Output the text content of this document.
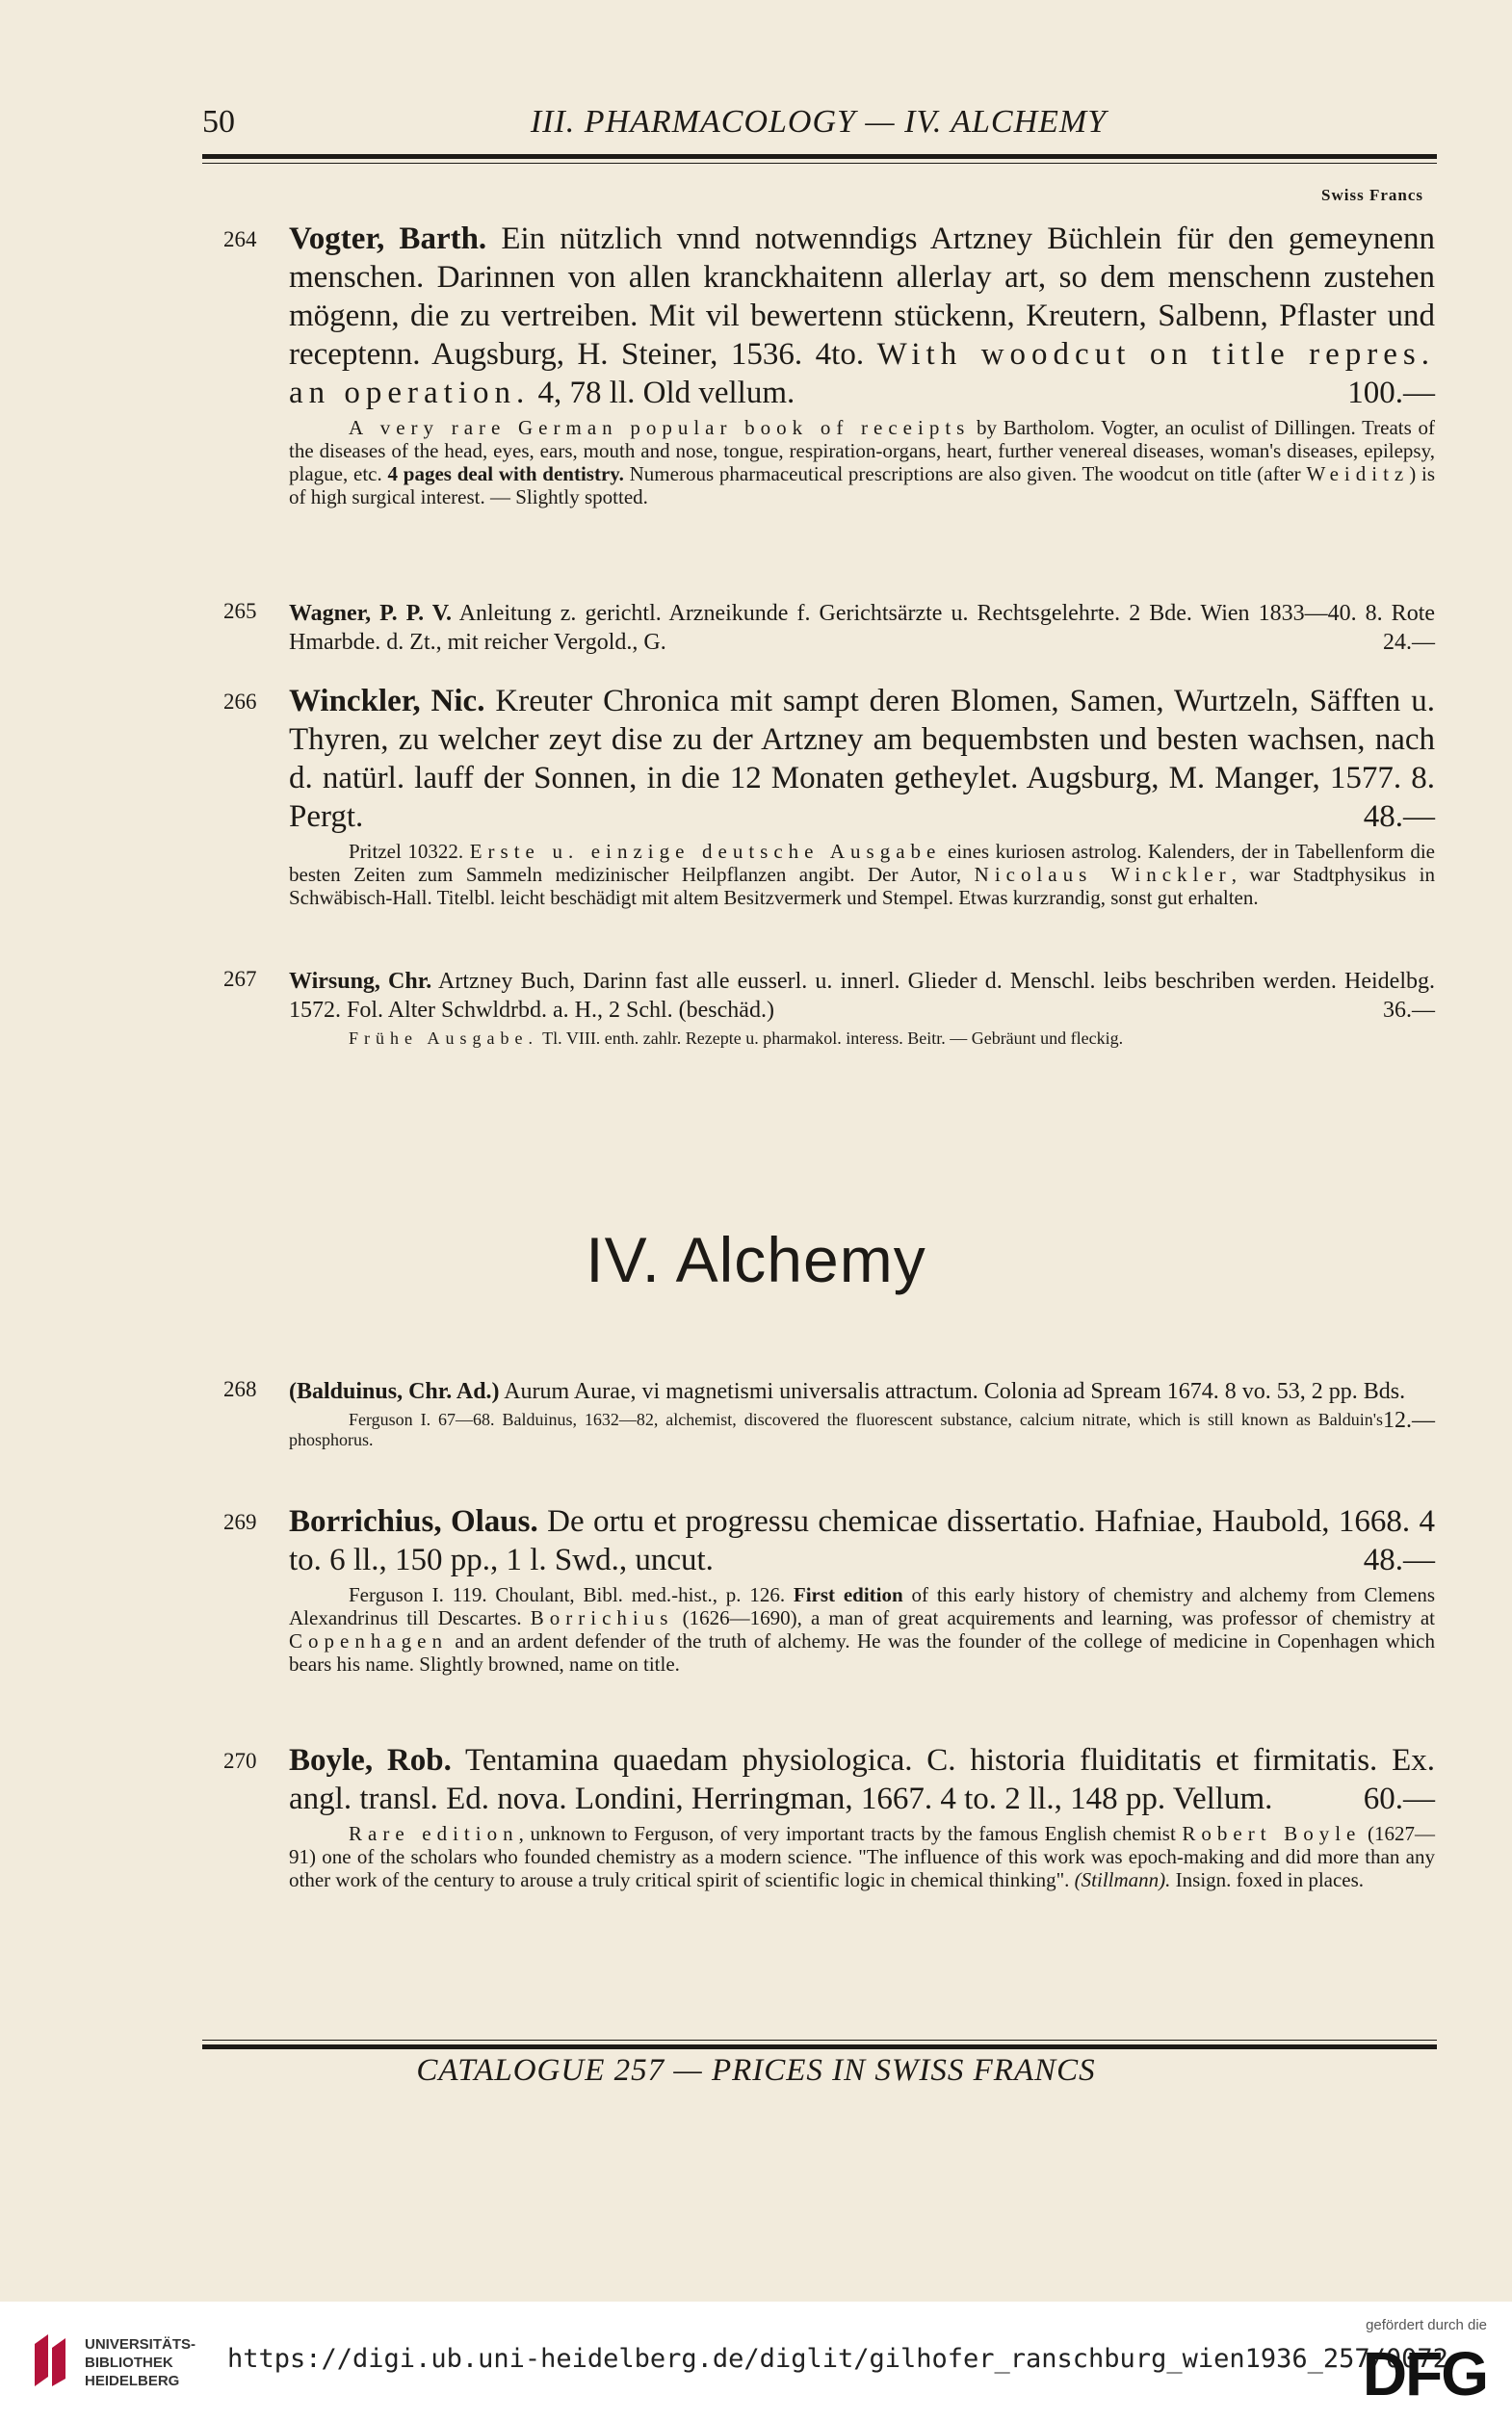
50	III. PHARMACOLOGY — IV. ALCHEMY
Swiss Francs
264 Vogter, Barth. Ein nützlich vnnd notwenndigs Artzney Büchlein für den gemeynenn menschen. Darinnen von allen kranckhaitenn allerlay art, so dem menschenn zustehen mögenn, die zu vertreiben. Mit vil bewertenn stückenn, Kreutern, Salbenn, Pflaster und receptenn. Augsburg, H. Steiner, 1536. 4to. With woodcut on title repres. an operation. 4, 78 ll. Old vellum.	100.—
A very rare German popular book of receipts by Bartholom. Vogter, an oculist of Dillingen. Treats of the diseases of the head, eyes, ears, mouth and nose, tongue, respiration-organs, heart, further venereal diseases, woman's diseases, epilepsy, plague, etc. 4 pages deal with dentistry. Numerous pharmaceutical prescriptions are also given. The woodcut on title (after Weiditz) is of high surgical interest. — Slightly spotted.
265 Wagner, P. P. V. Anleitung z. gerichtl. Arzneikunde f. Gerichtsärzte u. Rechtsgelehrte. 2 Bde. Wien 1833—40. 8. Rote Hmarbde. d. Zt., mit reicher Vergold., G.	24.—
266 Winckler, Nic. Kreuter Chronica mit sampt deren Blomen, Samen, Wurtzeln, Säfften u. Thyren, zu welcher zeyt dise zu der Artzney am bequembsten und besten wachsen, nach d. natürl. lauff der Sonnen, in die 12 Monaten getheylet. Augsburg, M. Manger, 1577. 8. Pergt.	48.—
Pritzel 10322. Erste u. einzige deutsche Ausgabe eines kuriosen astrolog. Kalenders, der in Tabellenform die besten Zeiten zum Sammeln medizinischer Heilpflanzen angibt. Der Autor, Nicolaus Winckler, war Stadtphysikus in Schwäbisch-Hall. Titelbl. leicht beschädigt mit altem Besitzvermerk und Stempel. Etwas kurzrandig, sonst gut erhalten.
267 Wirsung, Chr. Artzney Buch, Darinn fast alle eusserl. u. innerl. Glieder d. Menschl. leibs beschriben werden. Heidelbg. 1572. Fol. Alter Schwldrbd. a. H., 2 Schl. (beschäd.)	36.—
Frühe Ausgabe. Tl. VIII. enth. zahlr. Rezepte u. pharmakol. interess. Beitr. — Gebräunt und fleckig.
IV. Alchemy
268 (Balduinus, Chr. Ad.) Aurum Aurae, vi magnetismi universalis attractum. Colonia ad Spream 1674. 8 vo. 53, 2 pp. Bds.
12.—
Ferguson I. 67—68. Balduinus, 1632—82, alchemist, discovered the fluorescent substance, calcium nitrate, which is still known as Balduin's phosphorus.
269 Borrichius, Olaus. De ortu et progressu chemicae dissertatio. Hafniae, Haubold, 1668. 4 to. 6 ll., 150 pp., 1 l. Swd., uncut.	48.—
Ferguson I. 119. Choulant, Bibl. med.-hist., p. 126. First edition of this early history of chemistry and alchemy from Clemens Alexandrinus till Descartes. Borrichius (1626—1690), a man of great acquirements and learning, was professor of chemistry at Copenhagen and an ardent defender of the truth of alchemy. He was the founder of the college of medicine in Copenhagen which bears his name. Slightly browned, name on title.
270 Boyle, Rob. Tentamina quaedam physiologica. C. historia fluiditatis et firmitatis. Ex. angl. transl. Ed. nova. Londini, Herringman, 1667. 4 to. 2 ll., 148 pp. Vellum.	60.—
Rare edition, unknown to Ferguson, of very important tracts by the famous English chemist Robert Boyle (1627—91) one of the scholars who founded chemistry as a modern science. "The influence of this work was epoch-making and did more than any other work of the century to arouse a truly critical spirit of scientific logic in chemical thinking". (Stillmann). Insign. foxed in places.
CATALOGUE 257 — PRICES IN SWISS FRANCS
UNIVERSITÄTS-
BIBLIOTHEK
HEIDELBERG
https://digi.ub.uni-heidelberg.de/diglit/gilhofer_ranschburg_wien1936_257/0072
gefördert durch die
DFG
